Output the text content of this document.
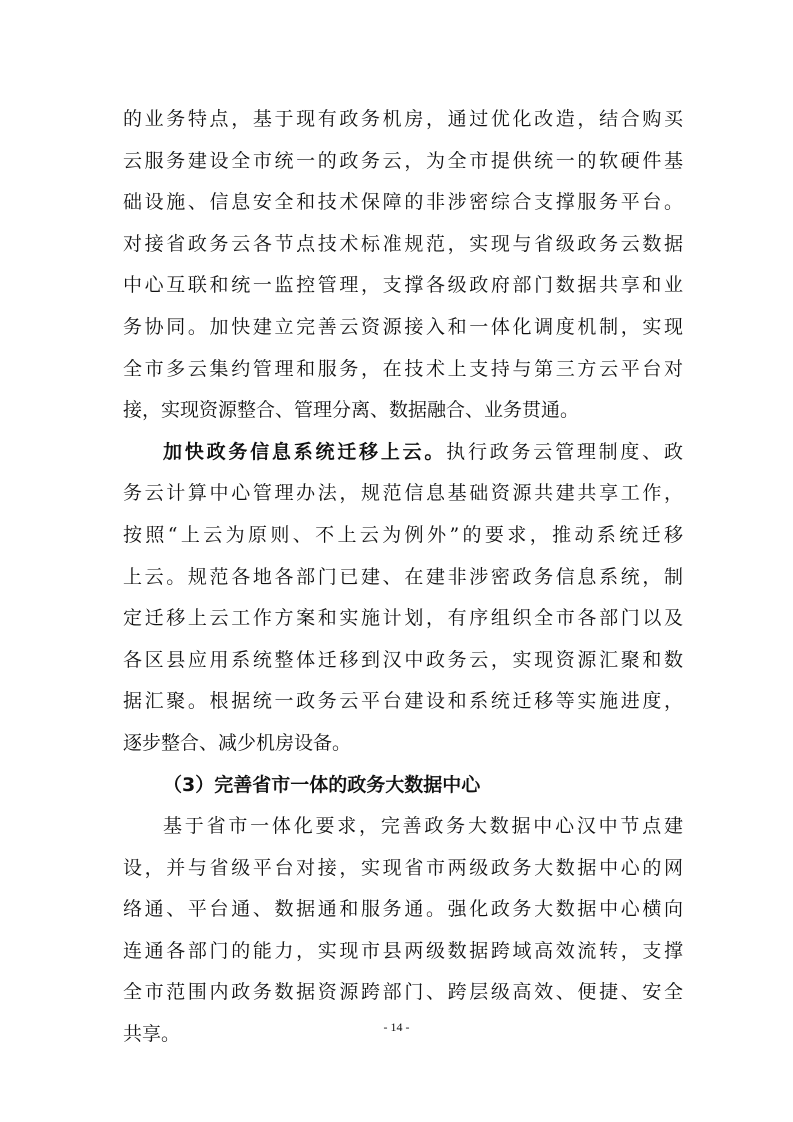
的业务特点，基于现有政务机房，通过优化改造，结合购买
云服务建设全市统一的政务云，为全市提供统一的软硬件基
础设施、信息安全和技术保障的非涉密综合支撑服务平台。
对接省政务云各节点技术标准规范，实现与省级政务云数据
中心互联和统一监控管理，支撑各级政府部门数据共享和业
务协同。加快建立完善云资源接入和一体化调度机制，实现
全市多云集约管理和服务，在技术上支持与第三方云平台对
接，实现资源整合、管理分离、数据融合、业务贯通。
加快政务信息系统迁移上云。执行政务云管理制度、政
务云计算中心管理办法，规范信息基础资源共建共享工作，
按照“上云为原则、不上云为例外”的要求，推动系统迁移
上云。规范各地各部门已建、在建非涉密政务信息系统，制
定迁移上云工作方案和实施计划，有序组织全市各部门以及
各区县应用系统整体迁移到汉中政务云，实现资源汇聚和数
据汇聚。根据统一政务云平台建设和系统迁移等实施进度，
逐步整合、减少机房设备。
（3）完善省市一体的政务大数据中心
基于省市一体化要求，完善政务大数据中心汉中节点建
设，并与省级平台对接，实现省市两级政务大数据中心的网
络通、平台通、数据通和服务通。强化政务大数据中心横向
连通各部门的能力，实现市县两级数据跨域高效流转，支撑
全市范围内政务数据资源跨部门、跨层级高效、便捷、安全
共享。	- 14 -
